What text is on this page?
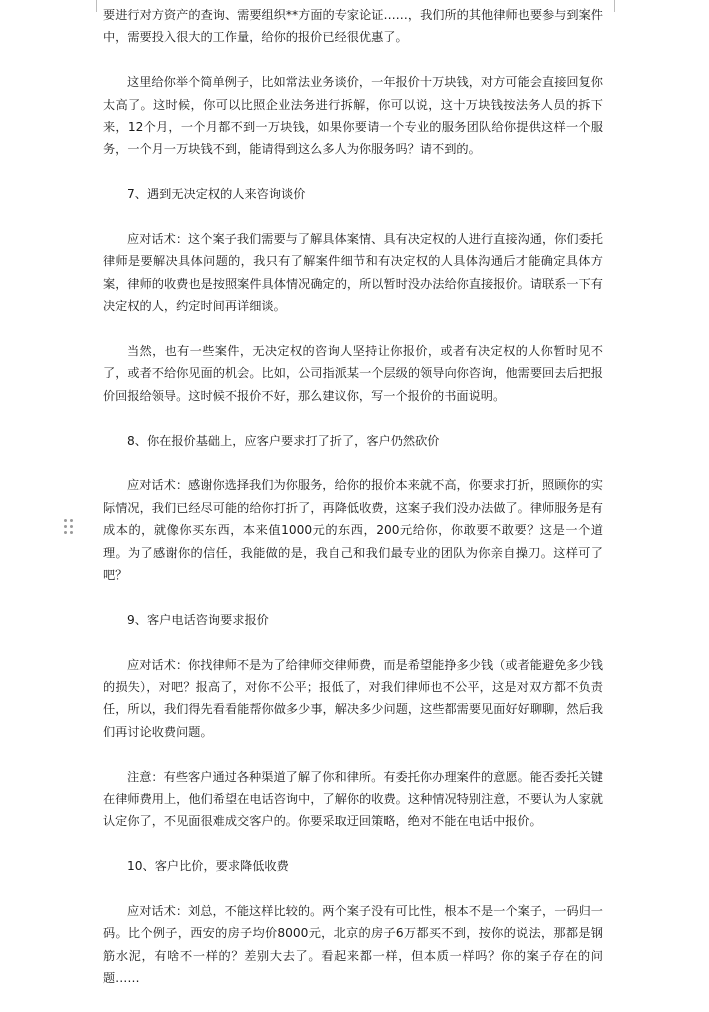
要进行对方资产的查询、需要组织**方面的专家论证……，我们所的其他律师也要参与到案件中，需要投入很大的工作量，给你的报价已经很优惠了。

这里给你举个简单例子，比如常法业务谈价，一年报价十万块钱，对方可能会直接回复你太高了。这时候，你可以比照企业法务进行拆解，你可以说，这十万块钱按法务人员的拆下来，12个月，一个月都不到一万块钱，如果你要请一个专业的服务团队给你提供这样一个服务，一个月一万块钱不到，能请得到这么多人为你服务吗？请不到的。

7、遇到无决定权的人来咨询谈价

应对话术：这个案子我们需要与了解具体案情、具有决定权的人进行直接沟通，你们委托律师是要解决具体问题的，我只有了解案件细节和有决定权的人具体沟通后才能确定具体方案，律师的收费也是按照案件具体情况确定的，所以暂时没办法给你直接报价。请联系一下有决定权的人，约定时间再详细谈。

当然，也有一些案件，无决定权的咨询人坚持让你报价，或者有决定权的人你暂时见不了，或者不给你见面的机会。比如，公司指派某一个层级的领导向你咨询，他需要回去后把报价回报给领导。这时候不报价不好，那么建议你，写一个报价的书面说明。

8、你在报价基础上，应客户要求打了折了，客户仍然砍价

应对话术：感谢你选择我们为你服务，给你的报价本来就不高，你要求打折，照顾你的实际情况，我们已经尽可能的给你打折了，再降低收费，这案子我们没办法做了。律师服务是有成本的，就像你买东西，本来值1000元的东西，200元给你，你敢要不敢要？这是一个道理。为了感谢你的信任，我能做的是，我自己和我们最专业的团队为你亲自操刀。这样可了吧？

9、客户电话咨询要求报价

应对话术：你找律师不是为了给律师交律师费，而是希望能挣多少钱（或者能避免多少钱的损失），对吧？报高了，对你不公平；报低了，对我们律师也不公平，这是对双方都不负责任，所以，我们得先看看能帮你做多少事，解决多少问题，这些都需要见面好好聊聊，然后我们再讨论收费问题。

注意：有些客户通过各种渠道了解了你和律所。有委托你办理案件的意愿。能否委托关键在律师费用上，他们希望在电话咨询中，了解你的收费。这种情况特别注意，不要认为人家就认定你了，不见面很难成交客户的。你要采取迂回策略，绝对不能在电话中报价。

10、客户比价，要求降低收费

应对话术：刘总，不能这样比较的。两个案子没有可比性，根本不是一个案子，一码归一码。比个例子，西安的房子均价8000元，北京的房子6万都买不到，按你的说法，那都是钢筋水泥，有啥不一样的？差别大去了。看起来都一样，但本质一样吗？你的案子存在的问题……
